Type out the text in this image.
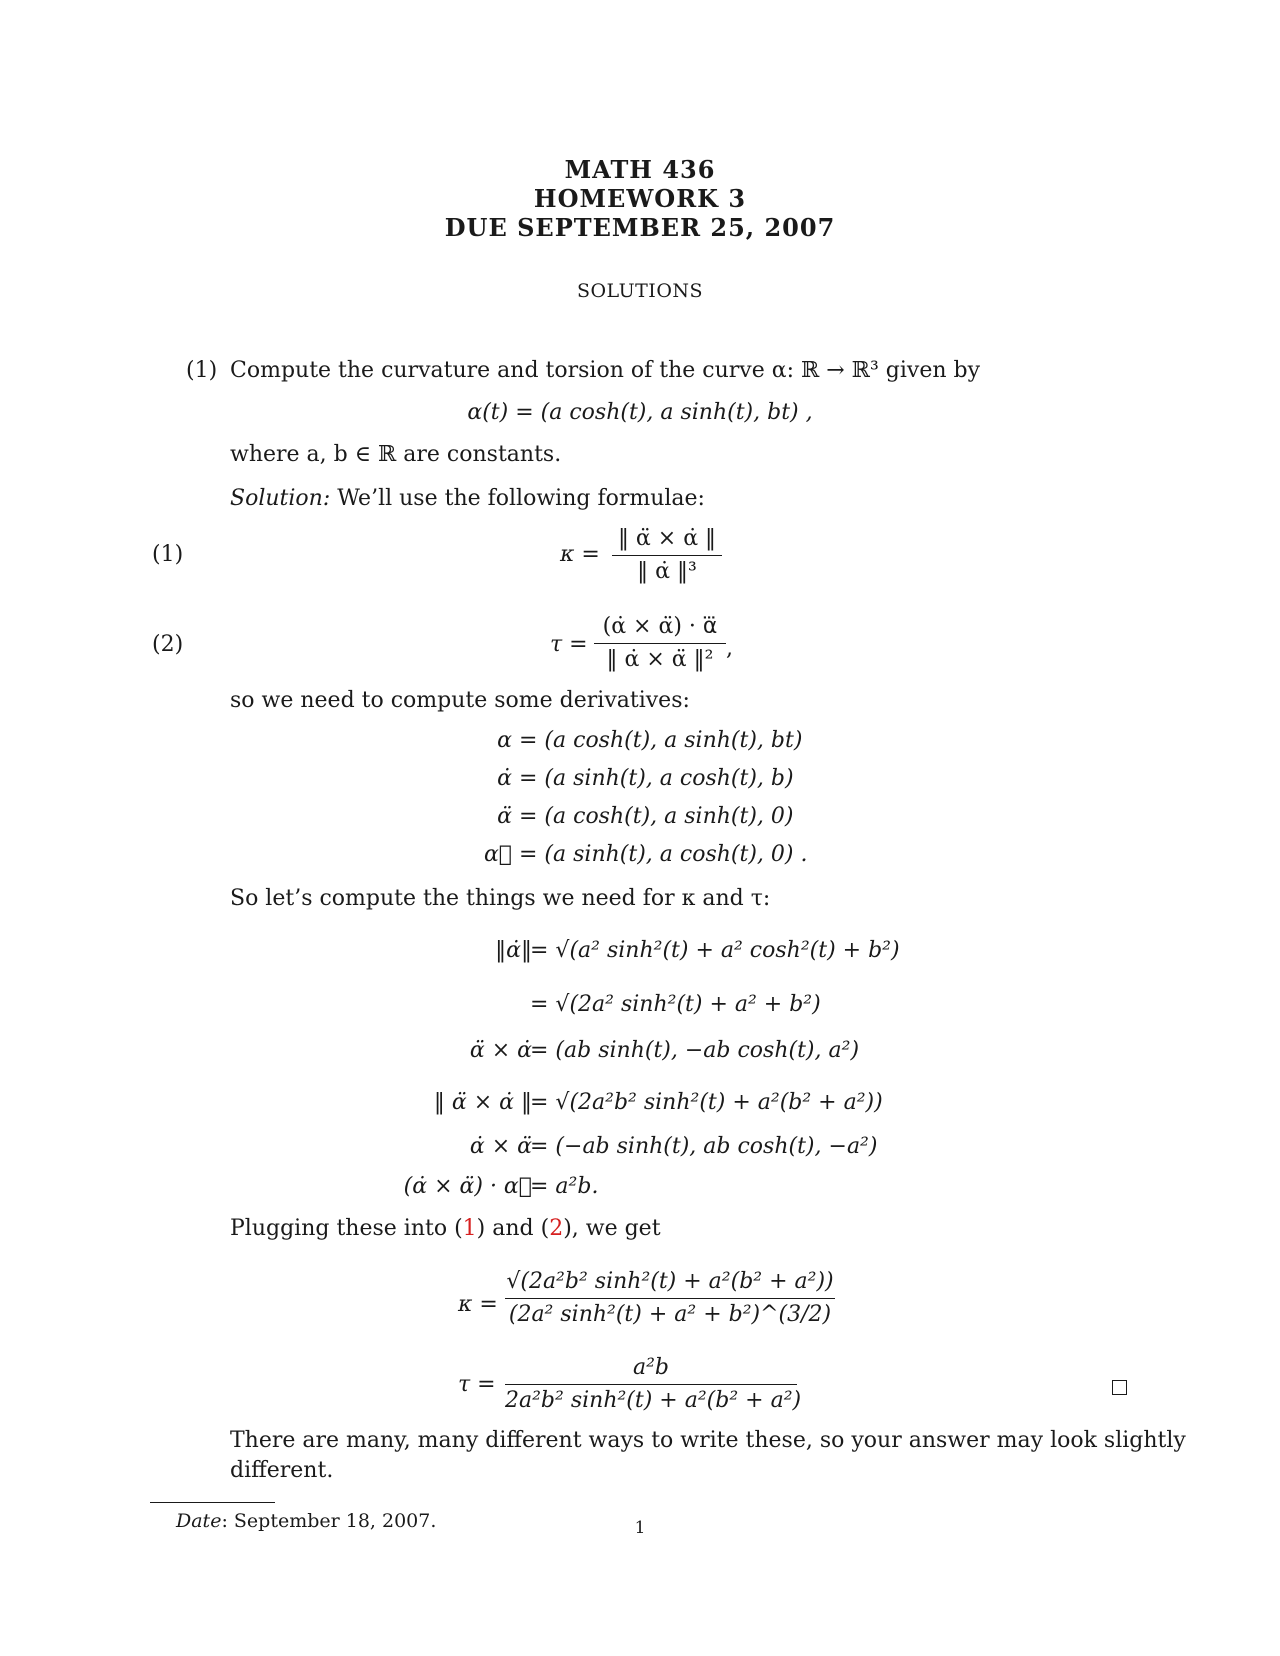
MATH 436
HOMEWORK 3
DUE SEPTEMBER 25, 2007
SOLUTIONS
(1) Compute the curvature and torsion of the curve α: ℝ → ℝ³ given by
α(t) = (a cosh(t), a sinh(t), bt) ,
where a, b ∈ ℝ are constants.
Solution: We’ll use the following formulae:
(1)	κ =
‖ α̈ × α̇ ‖
‖ α̇ ‖³
(2)	τ =
(α̇ × α̈) · α⃛
‖ α̇ × α̈ ‖² ,
so we need to compute some derivatives:
α = (a cosh(t), a sinh(t), bt)
α̇ = (a sinh(t), a cosh(t), b)
α̈ = (a cosh(t), a sinh(t), 0)
α⃛ = (a sinh(t), a cosh(t), 0) .
So let’s compute the things we need for κ and τ:
‖α̇‖
= √(a² sinh²(t) + a² cosh²(t) + b²)
= √(2a² sinh²(t) + a² + b²)
α̈ × α̇
= (ab sinh(t), −ab cosh(t), a²)
‖ α̈ × α̇ ‖
= √(2a²b² sinh²(t) + a²(b² + a²))
α̇ × α̈
= (−ab sinh(t), ab cosh(t), −a²)
(α̇ × α̈) · α⃛
= a²b.
Plugging these into (1) and (2), we get
κ =
√(2a²b² sinh²(t) + a²(b² + a²))
(2a² sinh²(t) + a² + b²)^(3/2)
τ =
a²b
2a²b² sinh²(t) + a²(b² + a²)
There are many, many different ways to write these, so your answer may look slightly
different.
Date: September 18, 2007.	1
